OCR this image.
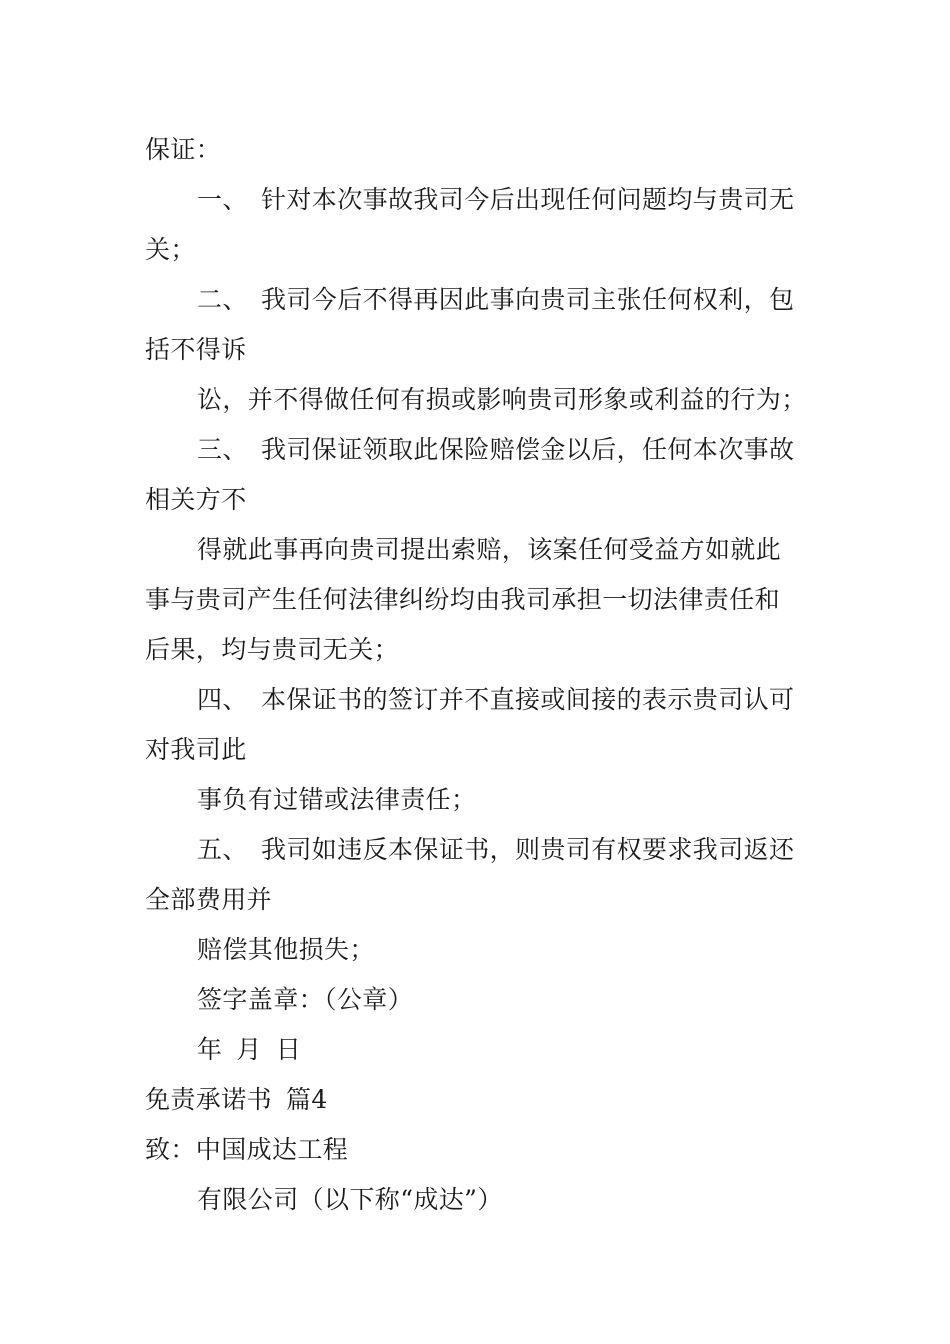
保证：
一、 针对本次事故我司今后出现任何问题均与贵司无
关；
二、 我司今后不得再因此事向贵司主张任何权利，包
括不得诉
讼，并不得做任何有损或影响贵司形象或利益的行为；
三、 我司保证领取此保险赔偿金以后，任何本次事故
相关方不
得就此事再向贵司提出索赔，该案任何受益方如就此
事与贵司产生任何法律纠纷均由我司承担一切法律责任和
后果，均与贵司无关；
四、 本保证书的签订并不直接或间接的表示贵司认可
对我司此
事负有过错或法律责任；
五、 我司如违反本保证书，则贵司有权要求我司返还
全部费用并
赔偿其他损失；
签字盖章：（公章）
年 月 日
免责承诺书 篇4
致：中国成达工程
有限公司（以下称“成达”）
